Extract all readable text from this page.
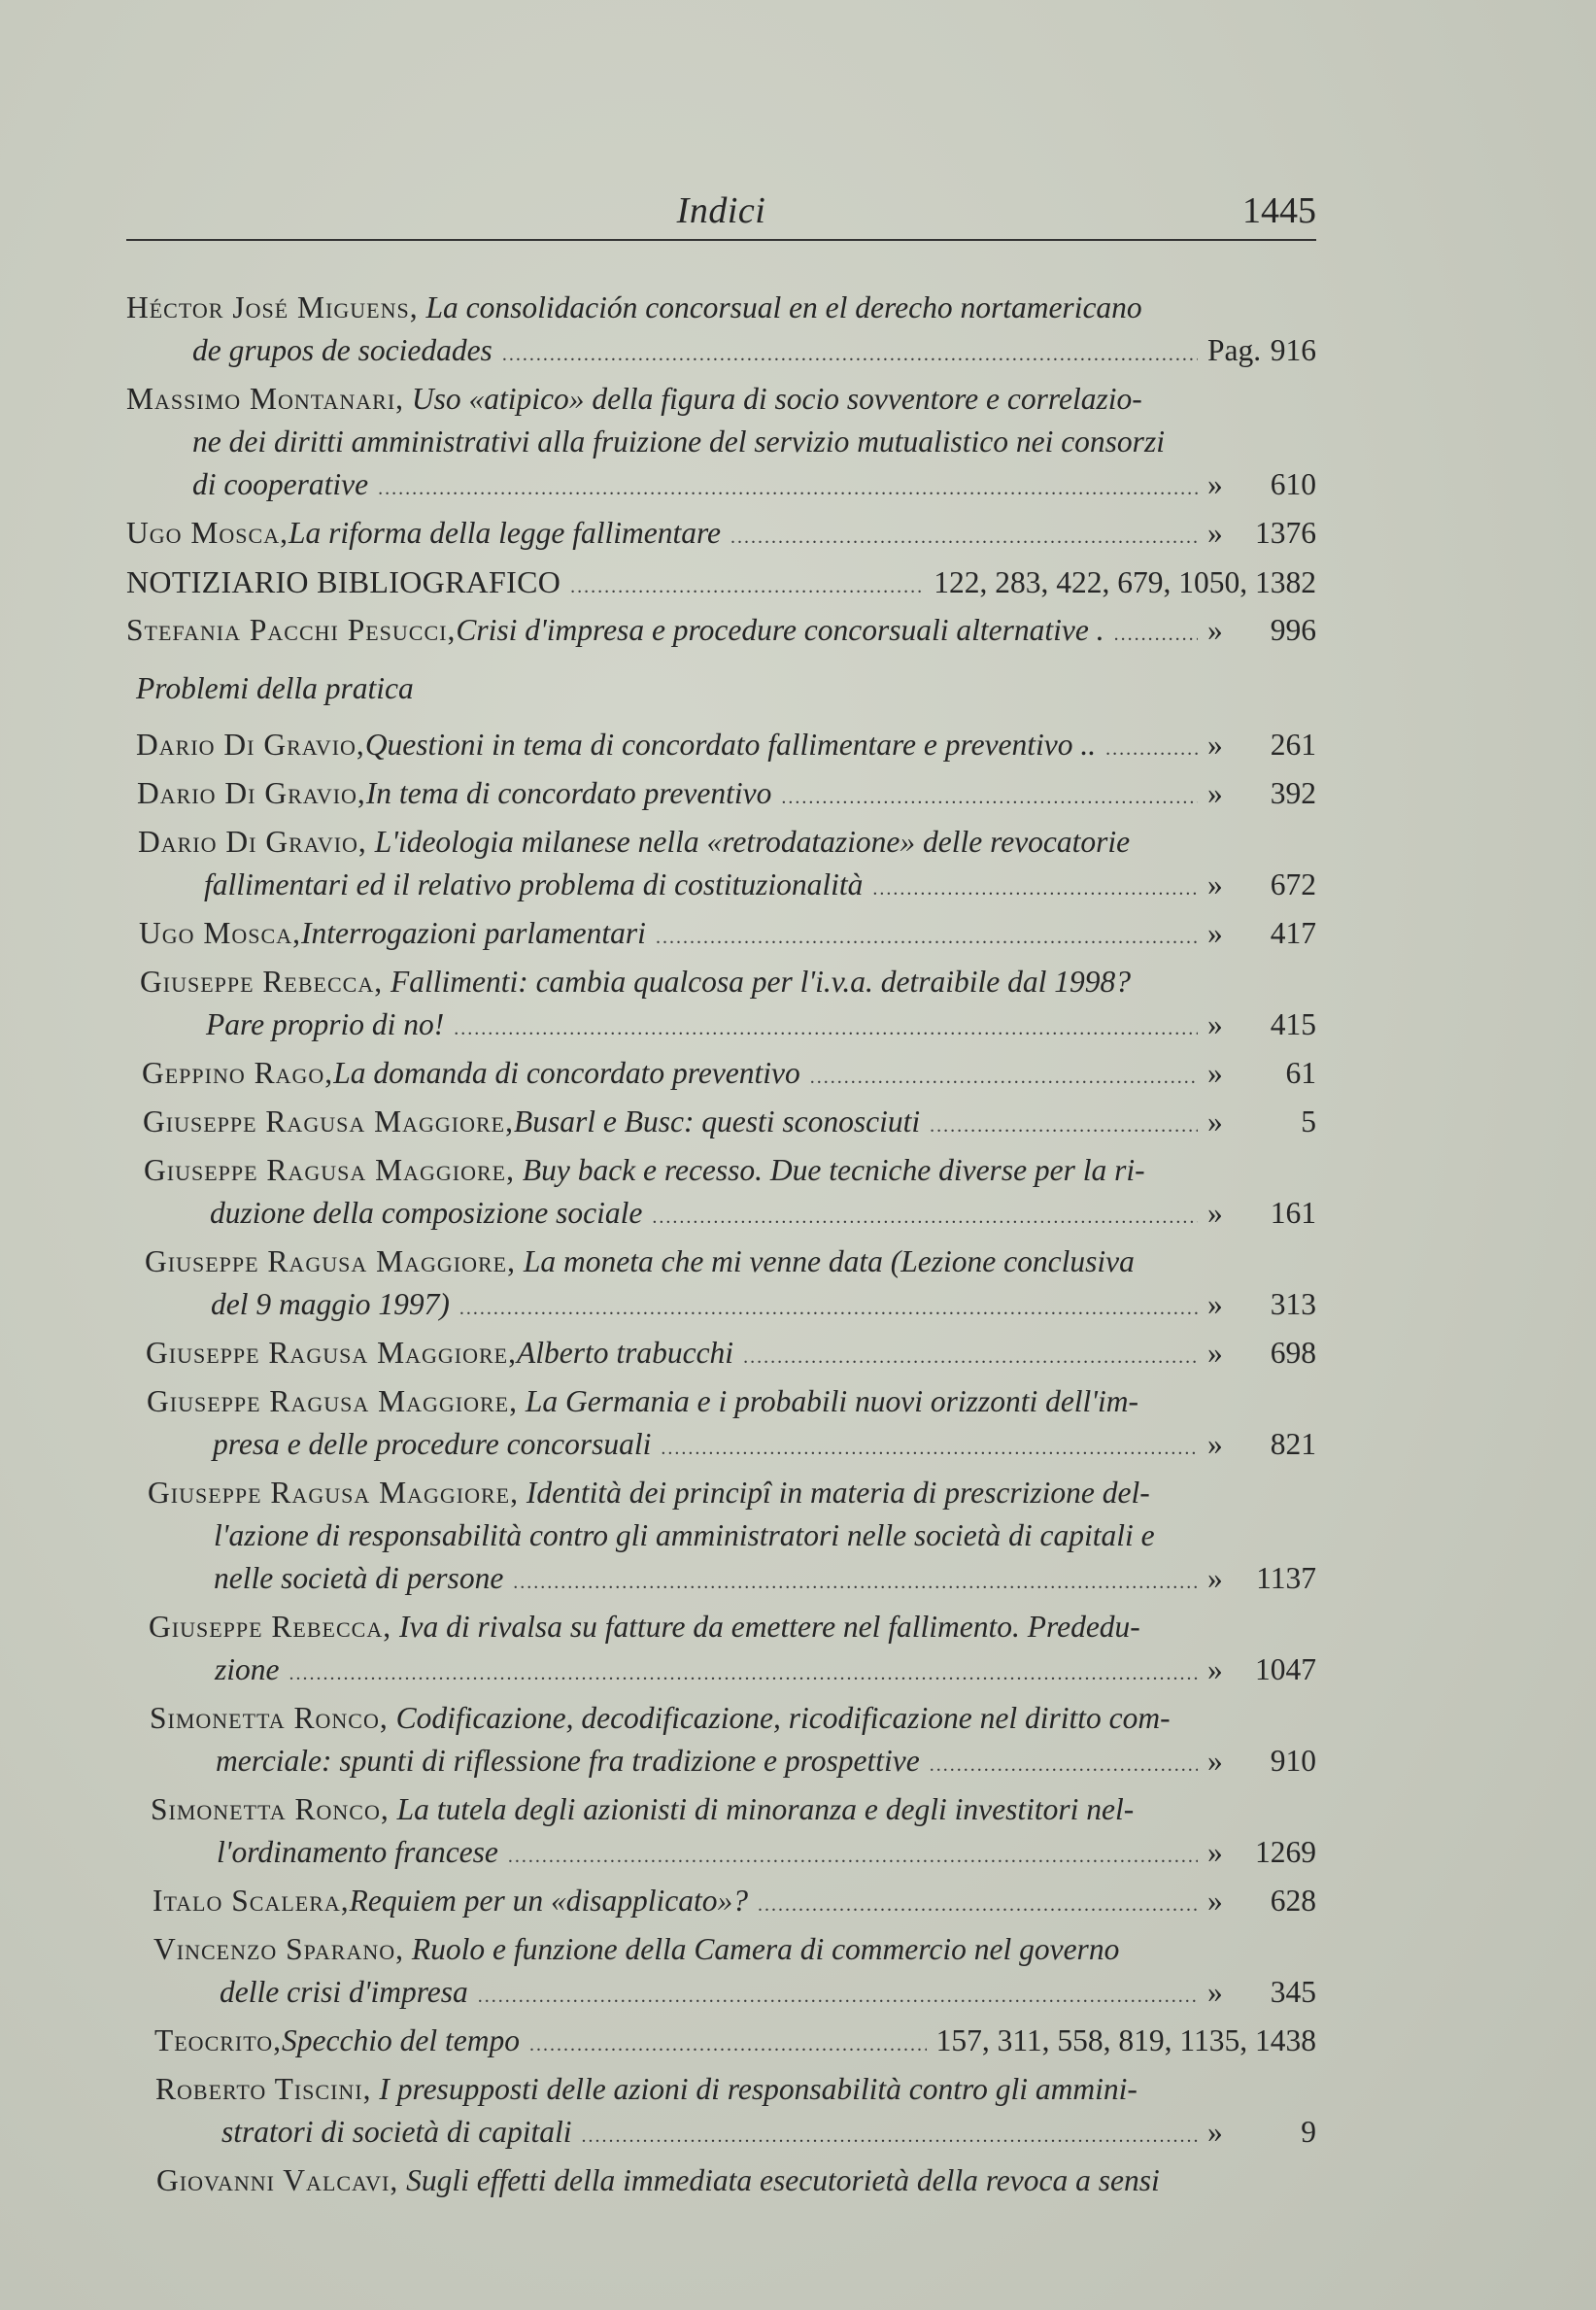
Indici	1445
Héctor José Miguens, La consolidación concorsual en el derecho nortamericano
de grupos de sociedades .....	Pag. 916
Massimo Montanari, Uso «atipico» della figura di socio sovventore e correlazio-
ne dei diritti amministrativi alla fruizione del servizio mutualistico nei consorzi
di cooperative .....	» 610
Ugo Mosca, La riforma della legge fallimentare .....	» 1376
NOTIZIARIO BIBLIOGRAFICO .....	122, 283, 422, 679, 1050, 1382
Stefania Pacchi Pesucci, Crisi d'impresa e procedure concorsuali alternative . .....	» 996
Problemi della pratica
Dario Di Gravio, Questioni in tema di concordato fallimentare e preventivo .. .....	» 261
Dario Di Gravio, In tema di concordato preventivo .....	» 392
Dario Di Gravio, L'ideologia milanese nella «retrodatazione» delle revocatorie
fallimentari ed il relativo problema di costituzionalità .....	» 672
Ugo Mosca, Interrogazioni parlamentari .....	» 417
Giuseppe Rebecca, Fallimenti: cambia qualcosa per l'i.v.a. detraibile dal 1998?
Pare proprio di no! .....	» 415
Geppino Rago, La domanda di concordato preventivo .....	» 61
Giuseppe Ragusa Maggiore, Busarl e Busc: questi sconosciuti .....	»	5
Giuseppe Ragusa Maggiore, Buy back e recesso. Due tecniche diverse per la ri-
duzione della composizione sociale .....	» 161
Giuseppe Ragusa Maggiore, La moneta che mi venne data (Lezione conclusiva
del 9 maggio 1997) .....	» 313
Giuseppe Ragusa Maggiore, Alberto trabucchi .....	» 698
Giuseppe Ragusa Maggiore, La Germania e i probabili nuovi orizzonti dell'im-
presa e delle procedure concorsuali .....	» 821
Giuseppe Ragusa Maggiore, Identità dei principî in materia di prescrizione del-
l'azione di responsabilità contro gli amministratori nelle società di capitali e
nelle società di persone .....	» 1137
Giuseppe Rebecca, Iva di rivalsa su fatture da emettere nel fallimento. Prededu-
zione .....	» 1047
Simonetta Ronco, Codificazione, decodificazione, ricodificazione nel diritto com-
merciale: spunti di riflessione fra tradizione e prospettive .....	» 910
Simonetta Ronco, La tutela degli azionisti di minoranza e degli investitori nel-
l'ordinamento francese .....	» 1269
Italo Scalera, Requiem per un «disapplicato»? .....	» 628
Vincenzo Sparano, Ruolo e funzione della Camera di commercio nel governo
delle crisi d'impresa .....	» 345
Teocrito, Specchio del tempo .....	157, 311, 558, 819, 1135, 1438
Roberto Tiscini, I presupposti delle azioni di responsabilità contro gli ammini-
stratori di società di capitali .....	»	9
Giovanni Valcavi, Sugli effetti della immediata esecutorietà della revoca a sensi
